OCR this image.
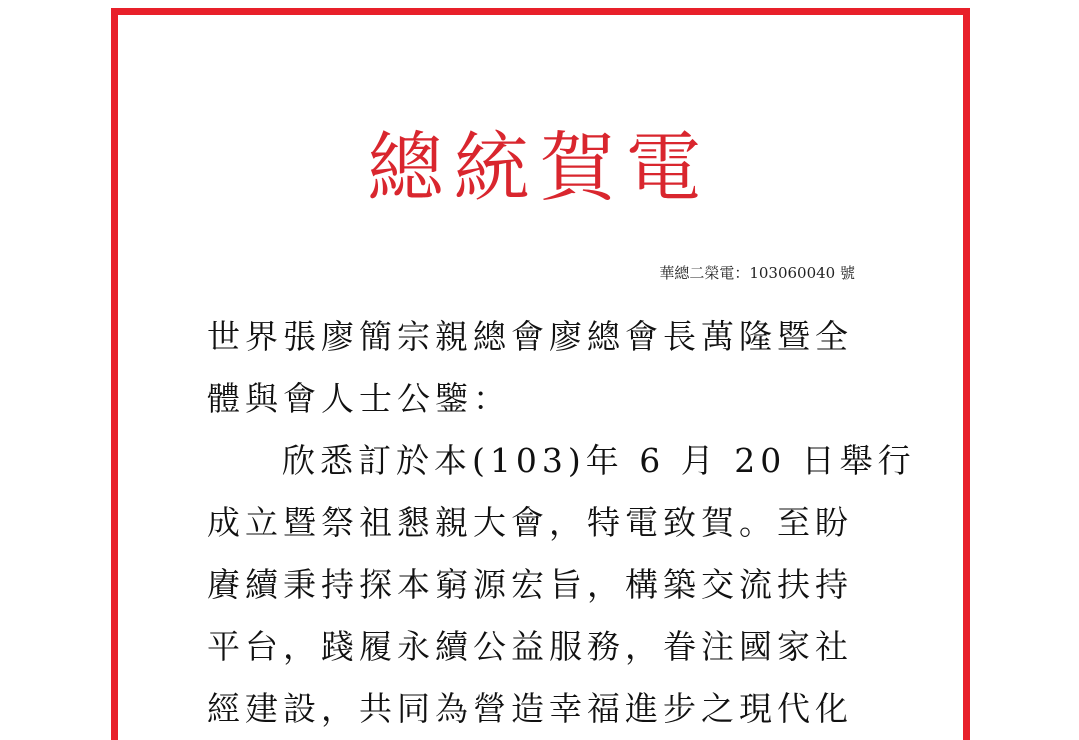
總統賀電
華總二榮電：103060040 號
世界張廖簡宗親總會廖總會長萬隆暨全
體與會人士公鑒：
欣悉訂於本(103)年 6 月 20 日舉行
成立暨祭祖懇親大會，特電致賀。至盼
賡續秉持探本窮源宏旨，構築交流扶持
平台，踐履永續公益服務，眷注國家社
經建設，共同為營造幸福進步之現代化
